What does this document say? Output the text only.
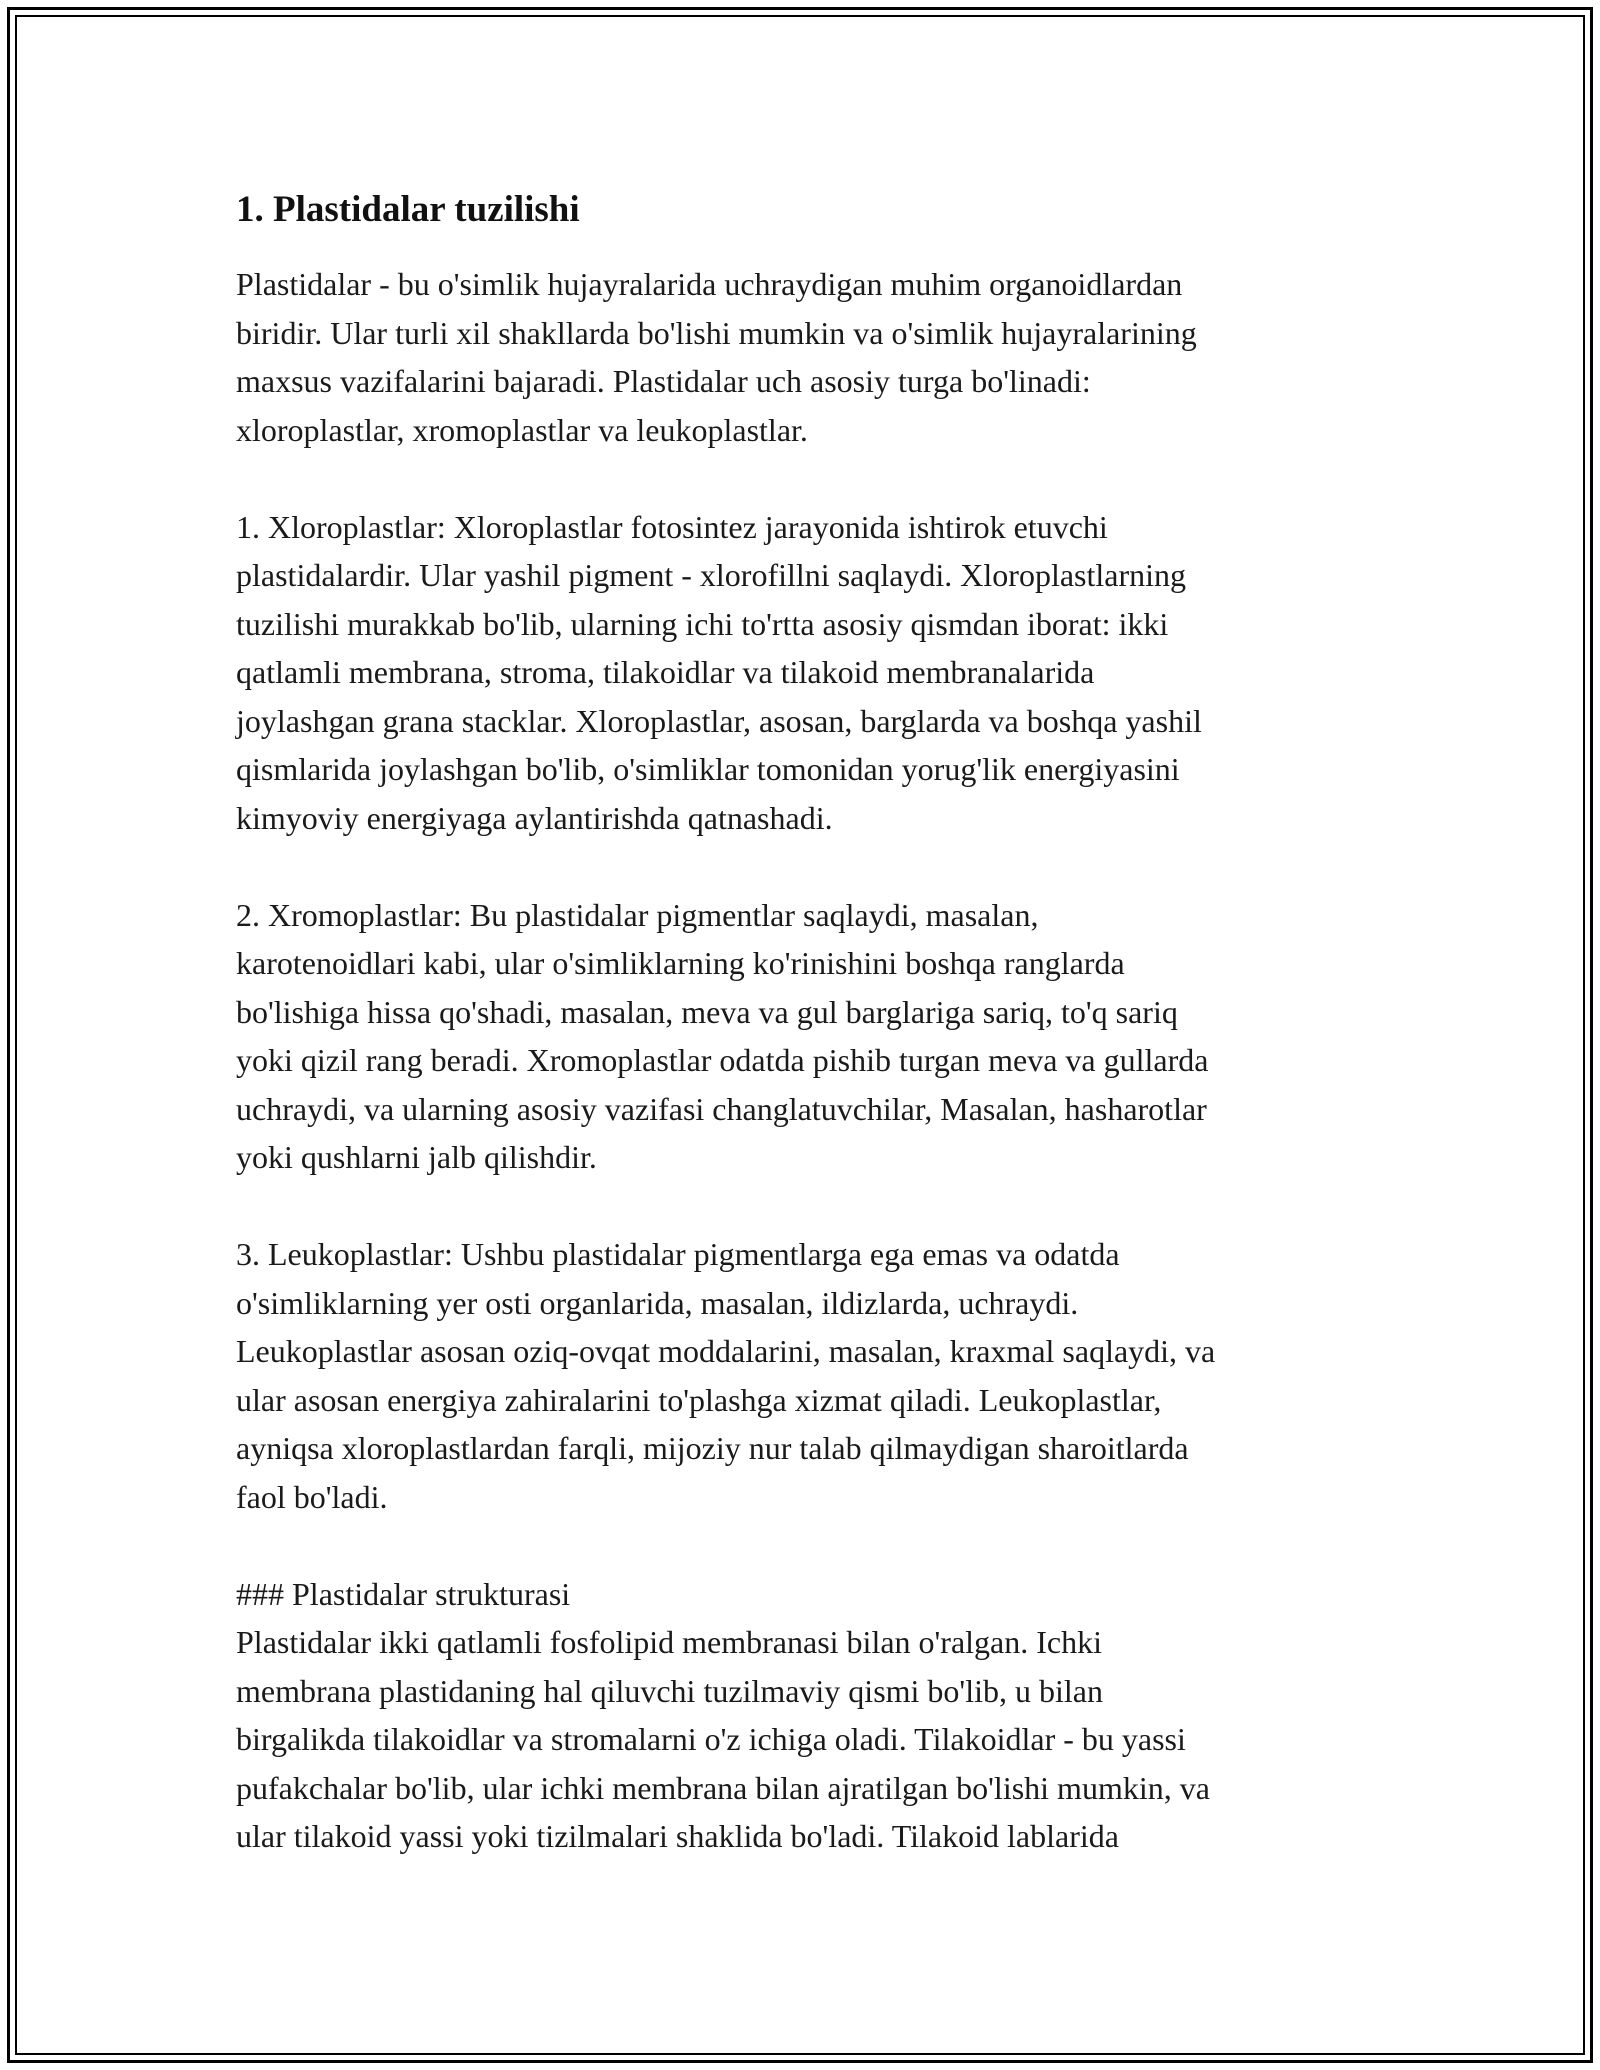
1. Plastidalar tuzilishi

Plastidalar - bu o'simlik hujayralarida uchraydigan muhim organoidlardan
biridir. Ular turli xil shakllarda bo'lishi mumkin va o'simlik hujayralarining
maxsus vazifalarini bajaradi. Plastidalar uch asosiy turga bo'linadi:
xloroplastlar, xromoplastlar va leukoplastlar.

1. Xloroplastlar: Xloroplastlar fotosintez jarayonida ishtirok etuvchi
plastidalardir. Ular yashil pigment - xlorofillni saqlaydi. Xloroplastlarning
tuzilishi murakkab bo'lib, ularning ichi to'rtta asosiy qismdan iborat: ikki
qatlamli membrana, stroma, tilakoidlar va tilakoid membranalarida
joylashgan grana stacklar. Xloroplastlar, asosan, barglarda va boshqa yashil
qismlarida joylashgan bo'lib, o'simliklar tomonidan yorug'lik energiyasini
kimyoviy energiyaga aylantirishda qatnashadi.

2. Xromoplastlar: Bu plastidalar pigmentlar saqlaydi, masalan,
karotenoidlari kabi, ular o'simliklarning ko'rinishini boshqa ranglarda
bo'lishiga hissa qo'shadi, masalan, meva va gul barglariga sariq, to'q sariq
yoki qizil rang beradi. Xromoplastlar odatda pishib turgan meva va gullarda
uchraydi, va ularning asosiy vazifasi changlatuvchilar, Masalan, hasharotlar
yoki qushlarni jalb qilishdir.

3. Leukoplastlar: Ushbu plastidalar pigmentlarga ega emas va odatda
o'simliklarning yer osti organlarida, masalan, ildizlarda, uchraydi.
Leukoplastlar asosan oziq-ovqat moddalarini, masalan, kraxmal saqlaydi, va
ular asosan energiya zahiralarini to'plashga xizmat qiladi. Leukoplastlar,
ayniqsa xloroplastlardan farqli, mijoziy nur talab qilmaydigan sharoitlarda
faol bo'ladi.

### Plastidalar strukturasi

Plastidalar ikki qatlamli fosfolipid membranasi bilan o'ralgan. Ichki
membrana plastidaning hal qiluvchi tuzilmaviy qismi bo'lib, u bilan
birgalikda tilakoidlar va stromalarni o'z ichiga oladi. Tilakoidlar - bu yassi
pufakchalar bo'lib, ular ichki membrana bilan ajratilgan bo'lishi mumkin, va
ular tilakoid yassi yoki tizilmalari shaklida bo'ladi. Tilakoid lablarida
